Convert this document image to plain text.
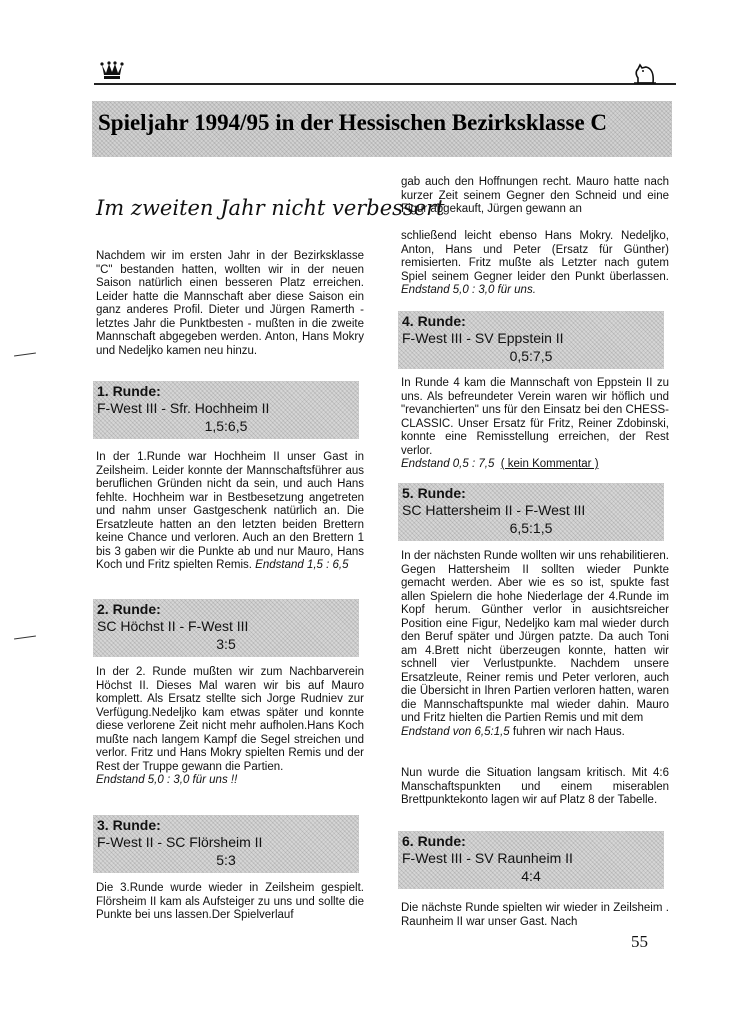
Spieljahr 1994/95 in der Hessischen Bezirksklasse C
Im zweiten Jahr nicht verbessert
Nachdem wir im ersten Jahr in der Bezirksklasse "C" bestanden hatten, wollten wir in der neuen Saison natürlich einen besseren Platz erreichen. Leider hatte die Mannschaft aber diese Saison ein ganz anderes Profil. Dieter und Jürgen Ramerth - letztes Jahr die Punktbesten - mußten in die zweite Mannschaft abgegeben werden. Anton, Hans Mokry und Nedeljko kamen neu hinzu.
1. Runde:
F-West III - Sfr. Hochheim II
1,5:6,5
In der 1.Runde war Hochheim II unser Gast in Zeilsheim. Leider konnte der Mannschaftsführer aus beruflichen Gründen nicht da sein, und auch Hans fehlte. Hochheim war in Bestbesetzung angetreten und nahm unser Gastgeschenk natürlich an. Die Ersatzleute hatten an den letzten beiden Brettern keine Chance und verloren. Auch an den Brettern 1 bis 3 gaben wir die Punkte ab und nur Mauro, Hans Koch und Fritz spielten Remis. Endstand 1,5 : 6,5
2. Runde:
SC Höchst II - F-West III
3:5
In der 2. Runde mußten wir zum Nachbarverein Höchst II. Dieses Mal waren wir bis auf Mauro komplett. Als Ersatz stellte sich Jorge Rudniev zur Verfügung.Nedeljko kam etwas später und konnte diese verlorene Zeit nicht mehr aufholen.Hans Koch mußte nach langem Kampf die Segel streichen und verlor. Fritz und Hans Mokry spielten Remis und der Rest der Truppe gewann die Partien.
Endstand 5,0 : 3,0 für uns !!
3. Runde:
F-West II - SC Flörsheim II
5:3
Die 3.Runde wurde wieder in Zeilsheim gespielt. Flörsheim II kam als Aufsteiger zu uns und sollte die Punkte bei uns lassen.Der Spielverlauf
gab auch den Hoffnungen recht. Mauro hatte nach kurzer Zeit seinem Gegner den Schneid und eine Figur abgekauft, Jürgen gewann an
schließend leicht ebenso Hans Mokry. Nedeljko, Anton, Hans und Peter (Ersatz für Günther) remisierten. Fritz mußte als Letzter nach gutem Spiel seinem Gegner leider den Punkt überlassen. Endstand 5,0 : 3,0 für uns.
4. Runde:
F-West III - SV Eppstein II
0,5:7,5
In Runde 4 kam die Mannschaft von Eppstein II zu uns. Als befreundeter Verein waren wir höflich und "revanchierten" uns für den Einsatz bei den CHESS-CLASSIC. Unser Ersatz für Fritz, Reiner Zdobinski, konnte eine Remisstellung erreichen, der Rest verlor.
Endstand 0,5 : 7,5 ( kein Kommentar )
5. Runde:
SC Hattersheim II - F-West III
6,5:1,5
In der nächsten Runde wollten wir uns rehabilitieren. Gegen Hattersheim II sollten wieder Punkte gemacht werden. Aber wie es so ist, spukte fast allen Spielern die hohe Niederlage der 4.Runde im Kopf herum. Günther verlor in ausichtsreicher Position eine Figur, Nedeljko kam mal wieder durch den Beruf später und Jürgen patzte. Da auch Toni am 4.Brett nicht überzeugen konnte, hatten wir schnell vier Verlustpunkte. Nachdem unsere Ersatzleute, Reiner remis und Peter verloren, auch die Übersicht in Ihren Partien verloren hatten, waren die Mannschaftspunkte mal wieder dahin. Mauro und Fritz hielten die Partien Remis und mit dem
Endstand von 6,5:1,5 fuhren wir nach Haus.
Nun wurde die Situation langsam kritisch. Mit 4:6 Manschaftspunkten und einem miserablen Brettpunktekonto lagen wir auf Platz 8 der Tabelle.
6. Runde:
F-West III - SV Raunheim II
4:4
Die nächste Runde spielten wir wieder in Zeilsheim . Raunheim II war unser Gast. Nach
55
